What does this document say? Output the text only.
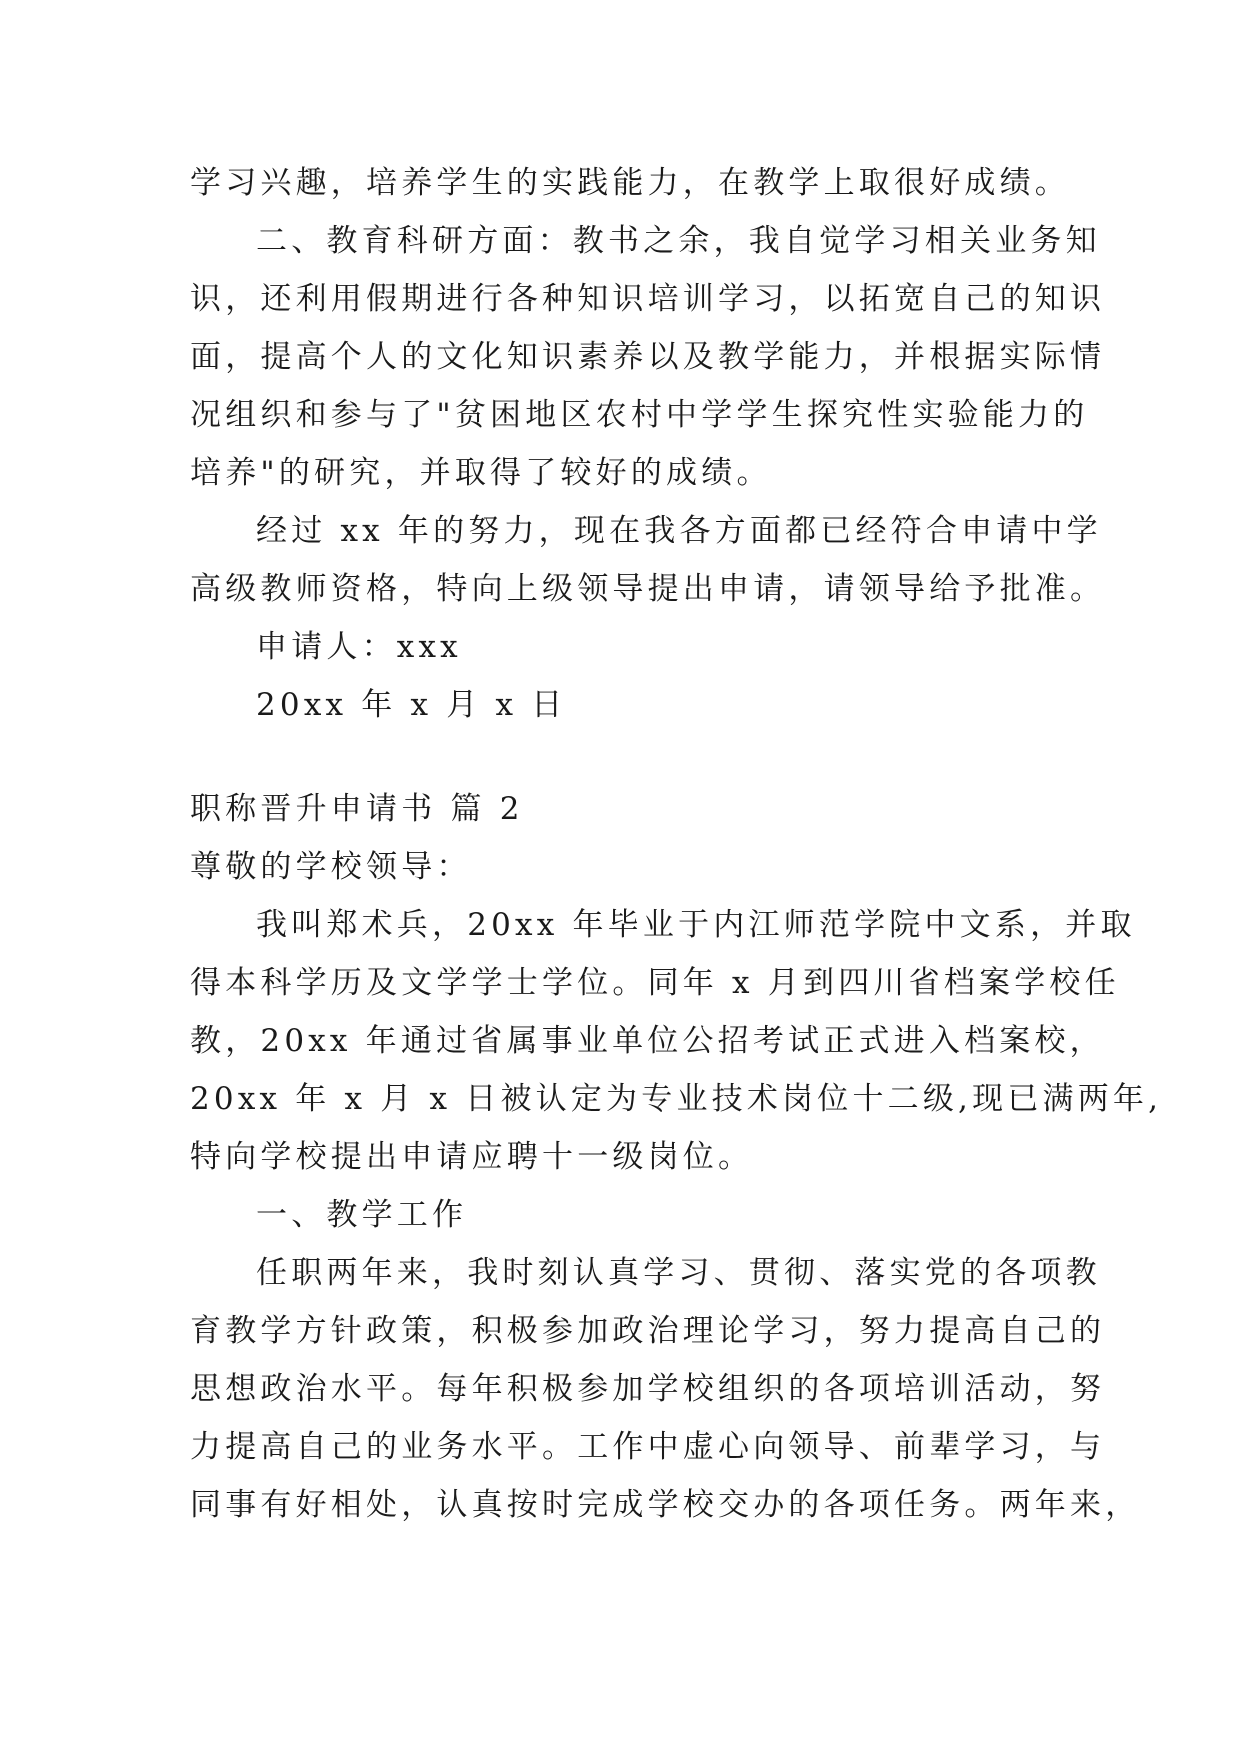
学习兴趣，培养学生的实践能力，在教学上取很好成绩。
二、教育科研方面：教书之余，我自觉学习相关业务知
识，还利用假期进行各种知识培训学习，以拓宽自己的知识
面，提高个人的文化知识素养以及教学能力，并根据实际情
况组织和参与了"贫困地区农村中学学生探究性实验能力的
培养"的研究，并取得了较好的成绩。
经过 xx 年的努力，现在我各方面都已经符合申请中学
高级教师资格，特向上级领导提出申请，请领导给予批准。
申请人：xxx
20xx 年 x 月 x 日
职称晋升申请书 篇 2
尊敬的学校领导：
我叫郑术兵，20xx 年毕业于内江师范学院中文系，并取
得本科学历及文学学士学位。同年 x 月到四川省档案学校任
教，20xx 年通过省属事业单位公招考试正式进入档案校，
20xx 年 x 月 x 日被认定为专业技术岗位十二级,现已满两年,
特向学校提出申请应聘十一级岗位。
一、教学工作
任职两年来，我时刻认真学习、贯彻、落实党的各项教
育教学方针政策，积极参加政治理论学习，努力提高自己的
思想政治水平。每年积极参加学校组织的各项培训活动，努
力提高自己的业务水平。工作中虚心向领导、前辈学习，与
同事有好相处，认真按时完成学校交办的各项任务。两年来，
